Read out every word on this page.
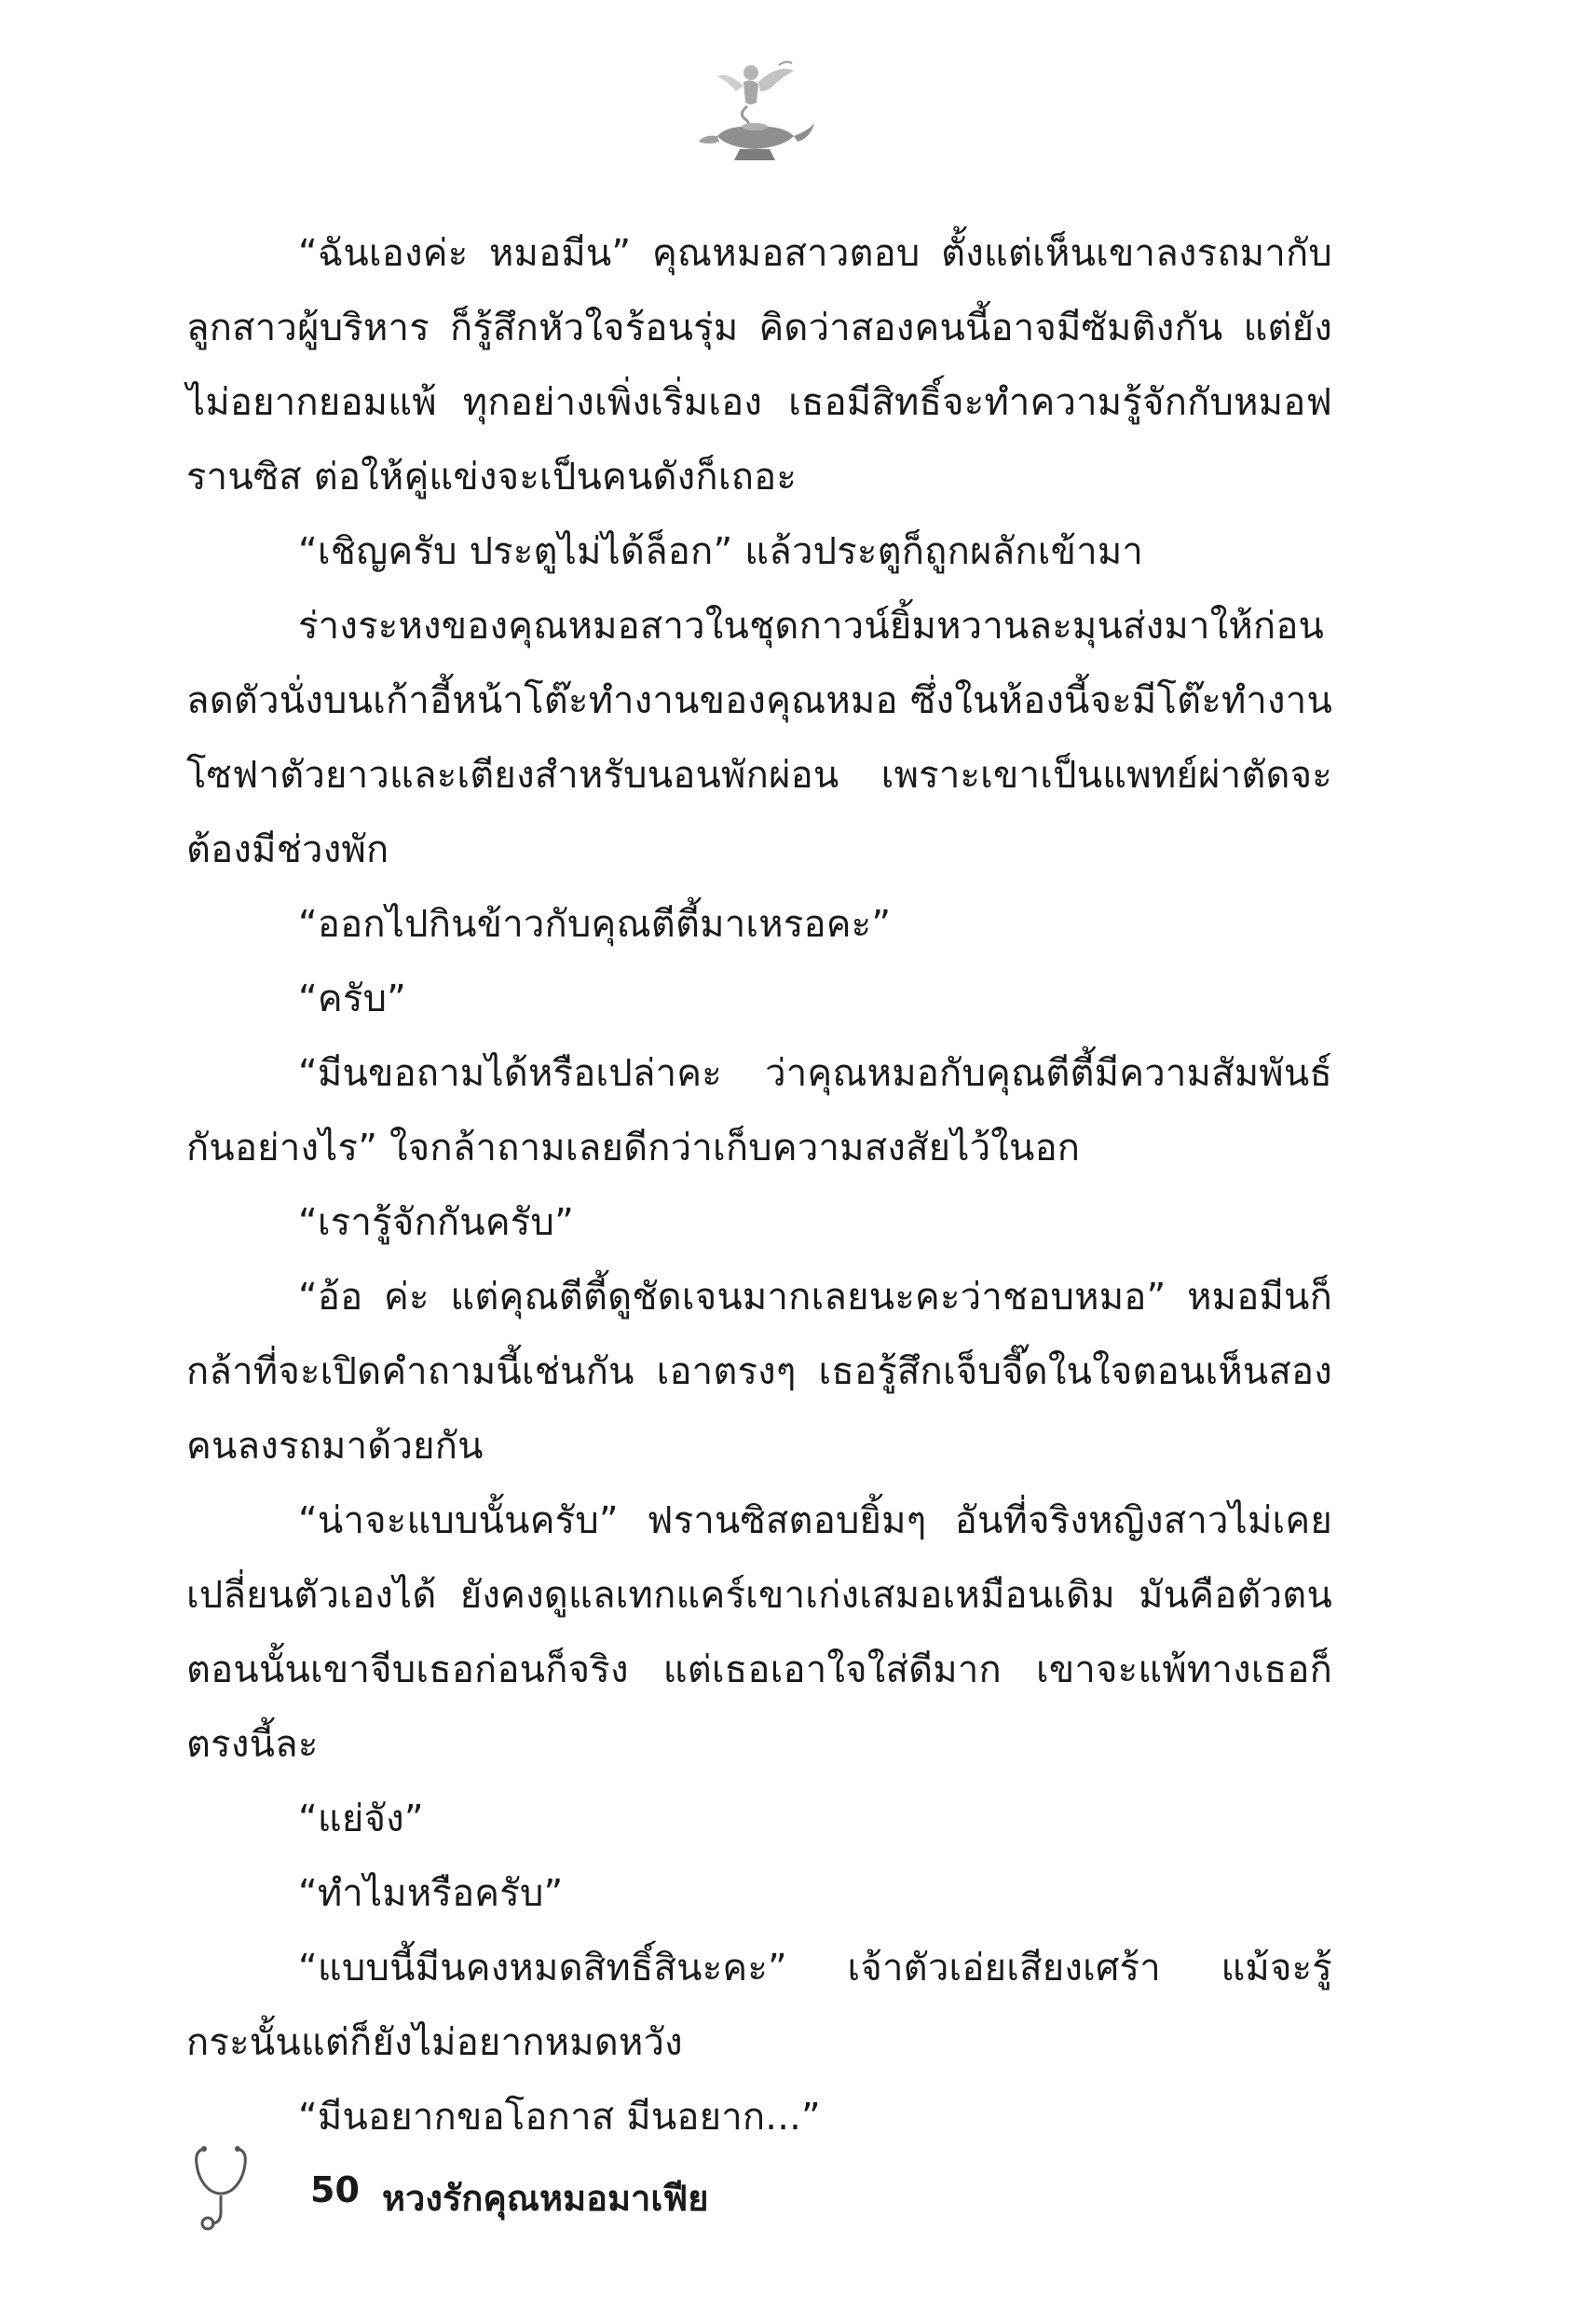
“ฉันเองค่ะ หมอมีน” คุณหมอสาวตอบ ตั้งแต่เห็นเขาลงรถมากับลูกสาวผู้บริหาร ก็รู้สึกหัวใจร้อนรุ่ม คิดว่าสองคนนี้อาจมีซัมติงกัน แต่ยังไม่อยากยอมแพ้ ทุกอย่างเพิ่งเริ่มเอง เธอมีสิทธิ์จะทำความรู้จักกับหมอฟรานซิส ต่อให้คู่แข่งจะเป็นคนดังก็เถอะ

“เชิญครับ ประตูไม่ได้ล็อก” แล้วประตูก็ถูกผลักเข้ามา

ร่างระหงของคุณหมอสาวในชุดกาวน์ยิ้มหวานละมุนส่งมาให้ก่อนลดตัวนั่งบนเก้าอี้หน้าโต๊ะทำงานของคุณหมอ ซึ่งในห้องนี้จะมีโต๊ะทำงาน โซฟาตัวยาวและเตียงสำหรับนอนพักผ่อน เพราะเขาเป็นแพทย์ผ่าตัดจะต้องมีช่วงพัก

“ออกไปกินข้าวกับคุณตีตี้มาเหรอคะ”

“ครับ”

“มีนขอถามได้หรือเปล่าคะ ว่าคุณหมอกับคุณตีตี้มีความสัมพันธ์กันอย่างไร” ใจกล้าถามเลยดีกว่าเก็บความสงสัยไว้ในอก

“เรารู้จักกันครับ”

“อ้อ ค่ะ แต่คุณตีตี้ดูชัดเจนมากเลยนะคะว่าชอบหมอ” หมอมีนก็กล้าที่จะเปิดคำถามนี้เช่นกัน เอาตรงๆ เธอรู้สึกเจ็บจี๊ดในใจตอนเห็นสองคนลงรถมาด้วยกัน

“น่าจะแบบนั้นครับ” ฟรานซิสตอบยิ้มๆ อันที่จริงหญิงสาวไม่เคยเปลี่ยนตัวเองได้ ยังคงดูแลเทกแคร์เขาเก่งเสมอเหมือนเดิม มันคือตัวตน ตอนนั้นเขาจีบเธอก่อนก็จริง แต่เธอเอาใจใส่ดีมาก เขาจะแพ้ทางเธอก็ตรงนี้ละ

“แย่จัง”

“ทำไมหรือครับ”

“แบบนี้มีนคงหมดสิทธิ์สินะคะ” เจ้าตัวเอ่ยเสียงเศร้า แม้จะรู้กระนั้นแต่ก็ยังไม่อยากหมดหวัง

“มีนอยากขอโอกาส มีนอยาก...”

50 หวงรักคุณหมอมาเฟีย
